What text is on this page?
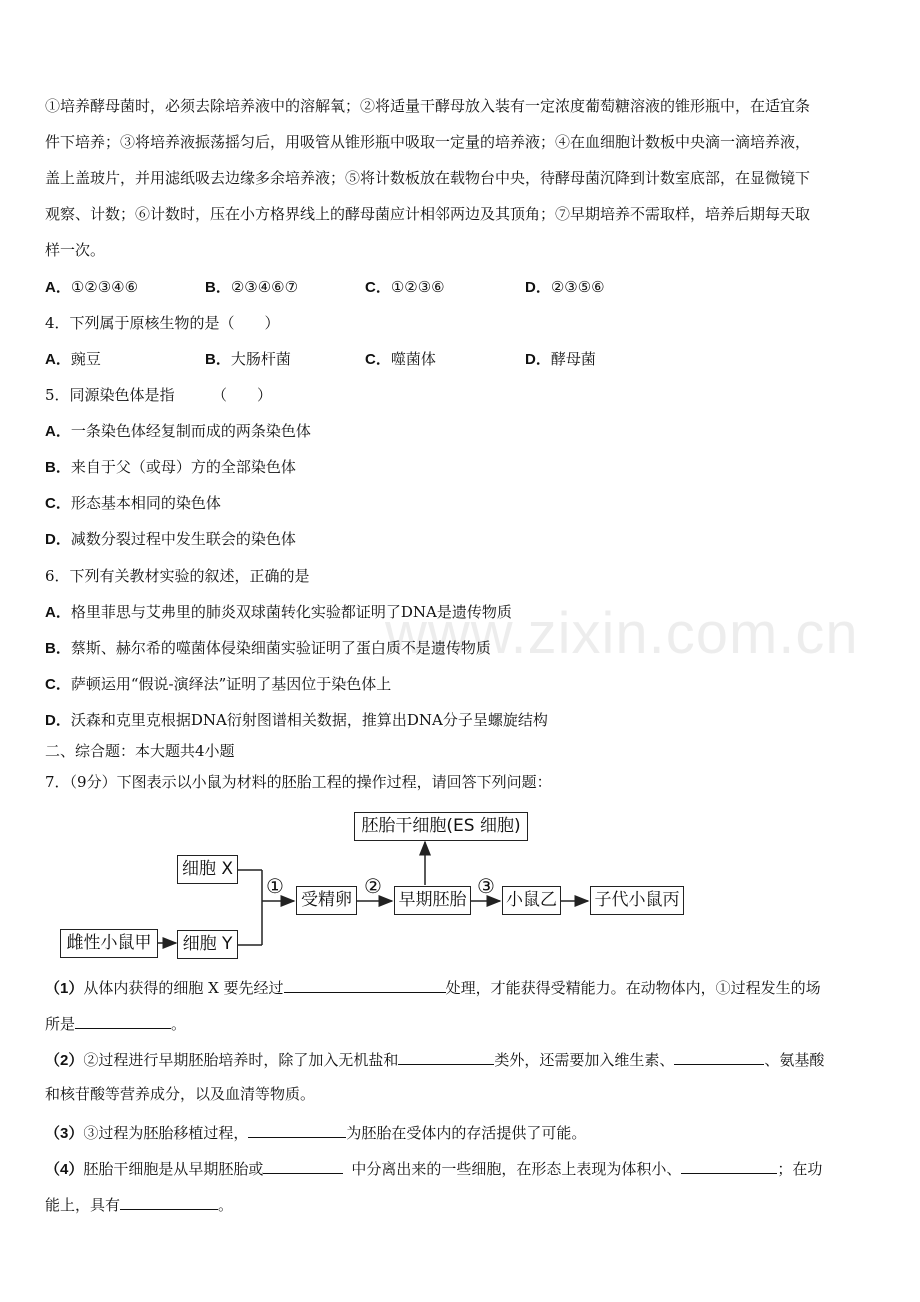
www.zixin.com.cn
①培养酵母菌时，必须去除培养液中的溶解氧；②将适量干酵母放入装有一定浓度葡萄糖溶液的锥形瓶中，在适宜条
件下培养；③将培养液振荡摇匀后，用吸管从锥形瓶中吸取一定量的培养液；④在血细胞计数板中央滴一滴培养液，
盖上盖玻片，并用滤纸吸去边缘多余培养液；⑤将计数板放在载物台中央，待酵母菌沉降到计数室底部，在显微镜下
观察、计数；⑥计数时，压在小方格界线上的酵母菌应计相邻两边及其顶角；⑦早期培养不需取样，培养后期每天取
样一次。
A．①②③④⑥	B．②③④⑥⑦	C．①②③⑥	D．②③⑤⑥
4．下列属于原核生物的是（　　）
A．豌豆	B．大肠杆菌	C．噬菌体	D．酵母菌
5．同源染色体是指　　　（　　）
A．一条染色体经复制而成的两条染色体
B．来自于父（或母）方的全部染色体
C．形态基本相同的染色体
D．减数分裂过程中发生联会的染色体
6．下列有关教材实验的叙述，正确的是
A．格里菲思与艾弗里的肺炎双球菌转化实验都证明了DNA是遗传物质
B．蔡斯、赫尔希的噬菌体侵染细菌实验证明了蛋白质不是遗传物质
C．萨顿运用“假说-演绎法”证明了基因位于染色体上
D．沃森和克里克根据DNA衍射图谱相关数据，推算出DNA分子呈螺旋结构
二、综合题：本大题共4小题
7．（9分）下图表示以小鼠为材料的胚胎工程的操作过程，请回答下列问题：
胚胎干细胞(ES 细胞)
细胞 X
细胞 Y
雌性小鼠甲
受精卵	早期胚胎 小鼠乙 子代小鼠丙
①	②	③
（1）从体内获得的细胞 X 要先经过	处理，才能获得受精能力。在动物体内，①过程发生的场
所是	。
（2）②过程进行早期胚胎培养时，除了加入无机盐和	类外，还需要加入维生素、	、氨基酸
和核苷酸等营养成分，以及血清等物质。
（3）③过程为胚胎移植过程，	为胚胎在受体内的存活提供了可能。
（4）胚胎干细胞是从早期胚胎或	中分离出来的一些细胞，在形态上表现为体积小、	；在功
能上，具有	。
